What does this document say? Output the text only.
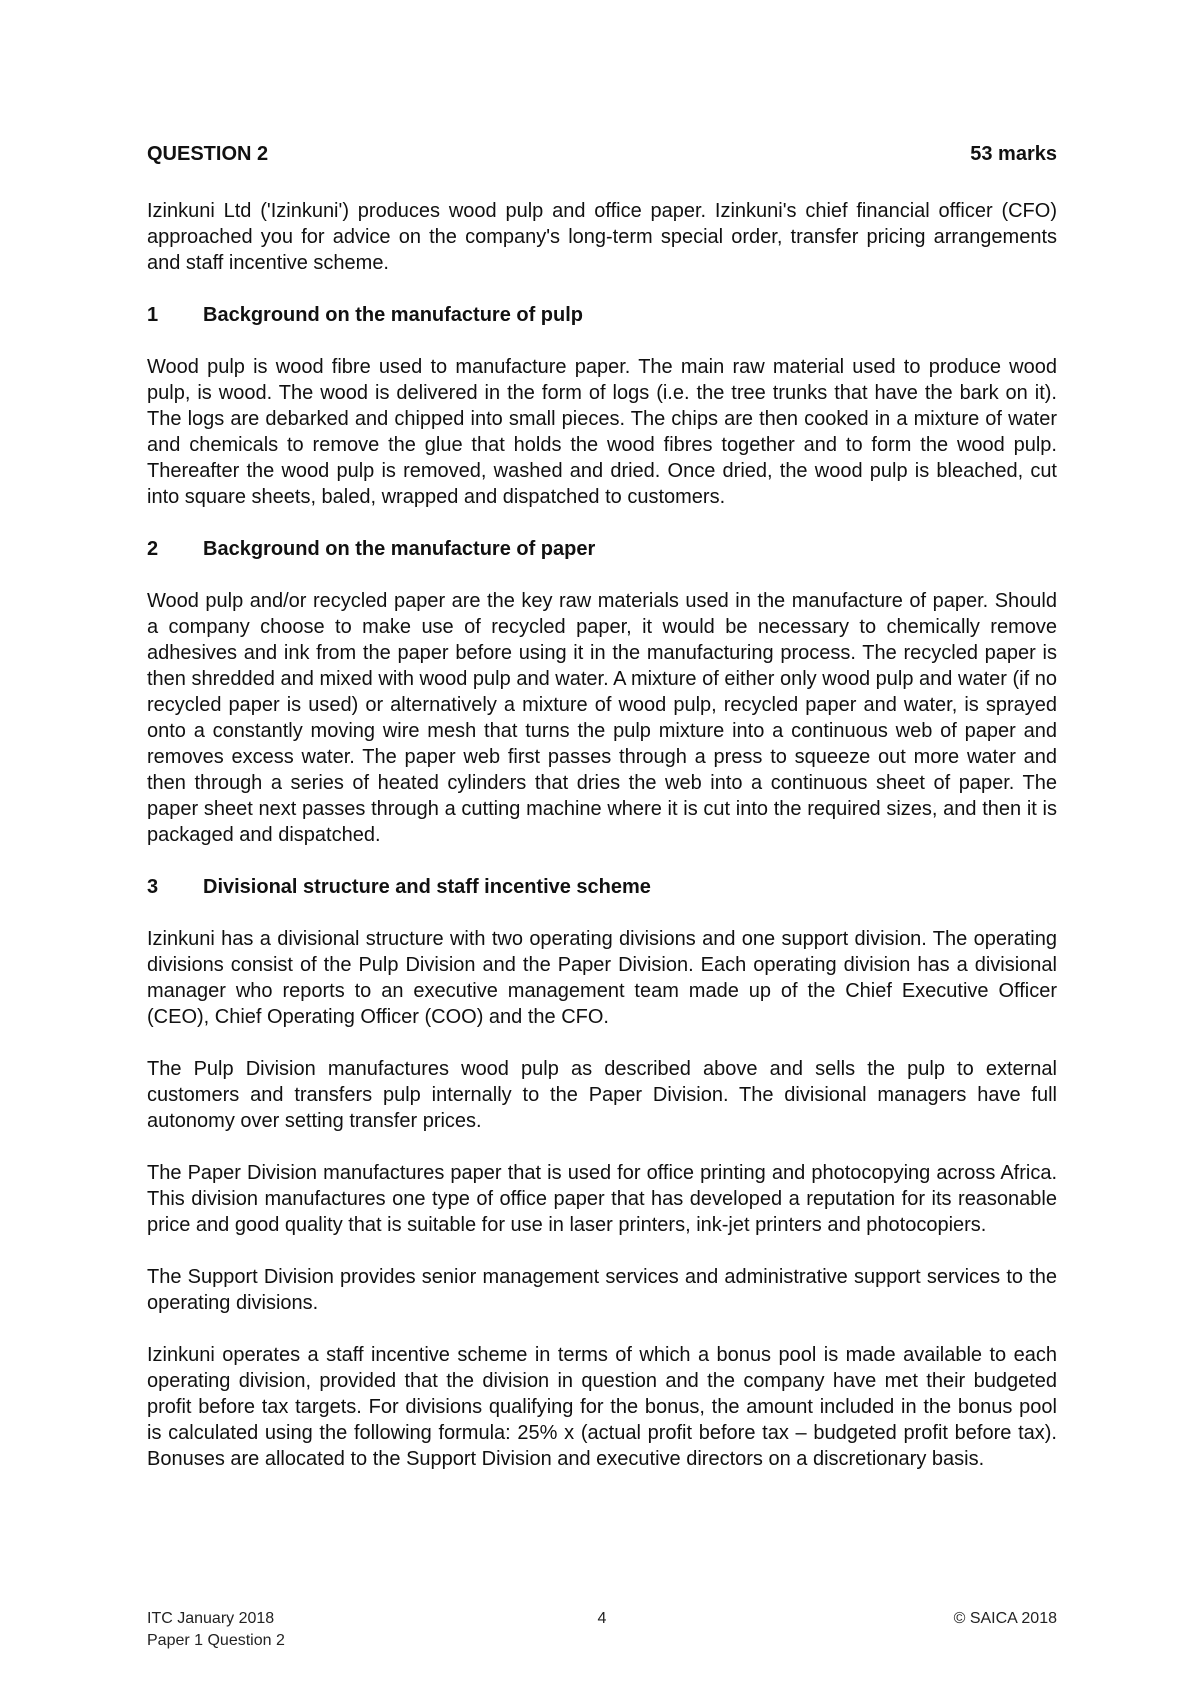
QUESTION 2	53 marks

Izinkuni Ltd ('Izinkuni') produces wood pulp and office paper. Izinkuni's chief financial officer (CFO) approached you for advice on the company's long-term special order, transfer pricing arrangements and staff incentive scheme.

1	Background on the manufacture of pulp

Wood pulp is wood fibre used to manufacture paper. The main raw material used to produce wood pulp, is wood. The wood is delivered in the form of logs (i.e. the tree trunks that have the bark on it). The logs are debarked and chipped into small pieces. The chips are then cooked in a mixture of water and chemicals to remove the glue that holds the wood fibres together and to form the wood pulp. Thereafter the wood pulp is removed, washed and dried. Once dried, the wood pulp is bleached, cut into square sheets, baled, wrapped and dispatched to customers.

2	Background on the manufacture of paper

Wood pulp and/or recycled paper are the key raw materials used in the manufacture of paper. Should a company choose to make use of recycled paper, it would be necessary to chemically remove adhesives and ink from the paper before using it in the manufacturing process. The recycled paper is then shredded and mixed with wood pulp and water. A mixture of either only wood pulp and water (if no recycled paper is used) or alternatively a mixture of wood pulp, recycled paper and water, is sprayed onto a constantly moving wire mesh that turns the pulp mixture into a continuous web of paper and removes excess water. The paper web first passes through a press to squeeze out more water and then through a series of heated cylinders that dries the web into a continuous sheet of paper. The paper sheet next passes through a cutting machine where it is cut into the required sizes, and then it is packaged and dispatched.

3	Divisional structure and staff incentive scheme

Izinkuni has a divisional structure with two operating divisions and one support division. The operating divisions consist of the Pulp Division and the Paper Division. Each operating division has a divisional manager who reports to an executive management team made up of the Chief Executive Officer (CEO), Chief Operating Officer (COO) and the CFO.

The Pulp Division manufactures wood pulp as described above and sells the pulp to external customers and transfers pulp internally to the Paper Division. The divisional managers have full autonomy over setting transfer prices.

The Paper Division manufactures paper that is used for office printing and photocopying across Africa. This division manufactures one type of office paper that has developed a reputation for its reasonable price and good quality that is suitable for use in laser printers, ink-jet printers and photocopiers.

The Support Division provides senior management services and administrative support services to the operating divisions.

Izinkuni operates a staff incentive scheme in terms of which a bonus pool is made available to each operating division, provided that the division in question and the company have met their budgeted profit before tax targets. For divisions qualifying for the bonus, the amount included in the bonus pool is calculated using the following formula: 25% x (actual profit before tax – budgeted profit before tax). Bonuses are allocated to the Support Division and executive directors on a discretionary basis.

ITC January 2018	4	© SAICA 2018
Paper 1 Question 2
